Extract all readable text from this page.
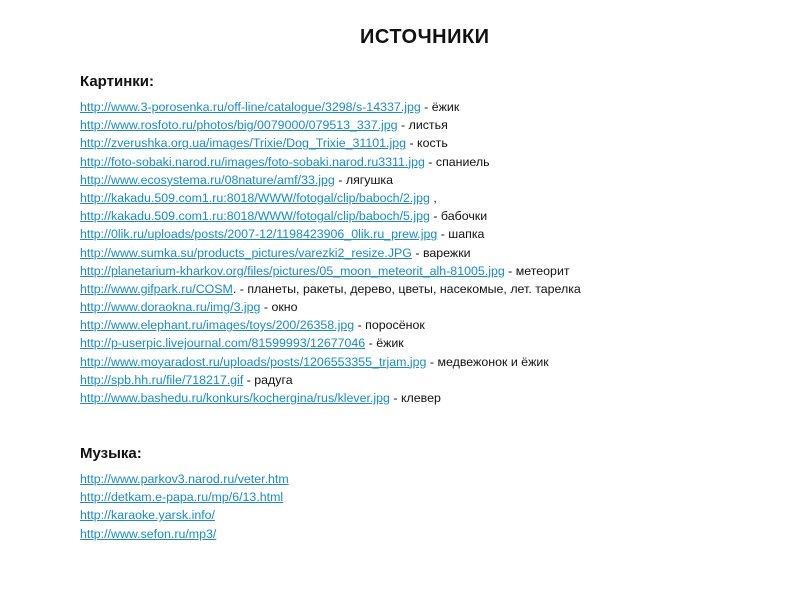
ИСТОЧНИКИ
Картинки:
http://www.3-porosenka.ru/off-line/catalogue/3298/s-14337.jpg - ёжик
http://www.rosfoto.ru/photos/big/0079000/079513_337.jpg - листья
http://zverushka.org.ua/images/Trixie/Dog_Trixie_31101.jpg - кость
http://foto-sobaki.narod.ru/images/foto-sobaki.narod.ru3311.jpg - спаниель
http://www.ecosystema.ru/08nature/amf/33.jpg - лягушка
http://kakadu.509.com1.ru:8018/WWW/fotogal/clip/baboch/2.jpg ,
http://kakadu.509.com1.ru:8018/WWW/fotogal/clip/baboch/5.jpg - бабочки
http://0lik.ru/uploads/posts/2007-12/1198423906_0lik.ru_prew.jpg - шапка
http://www.sumka.su/products_pictures/varezki2_resize.JPG - варежки
http://planetarium-kharkov.org/files/pictures/05_moon_meteorit_alh-81005.jpg - метеорит
http://www.gifpark.ru/COSM. - планеты, ракеты, дерево, цветы, насекомые, лет. тарелка
http://www.doraokna.ru/img/3.jpg - окно
http://www.elephant.ru/images/toys/200/26358.jpg - поросёнок
http://p-userpic.livejournal.com/81599993/12677046 - ёжик
http://www.moyaradost.ru/uploads/posts/1206553355_trjam.jpg - медвежонок и ёжик
http://spb.hh.ru/file/718217.gif - радуга
http://www.bashedu.ru/konkurs/kochergina/rus/klever.jpg - клевер
Музыка:
http://www.parkov3.narod.ru/veter.htm
http://detkam.e-papa.ru/mp/6/13.html
http://karaoke.yarsk.info/
http://www.sefon.ru/mp3/
